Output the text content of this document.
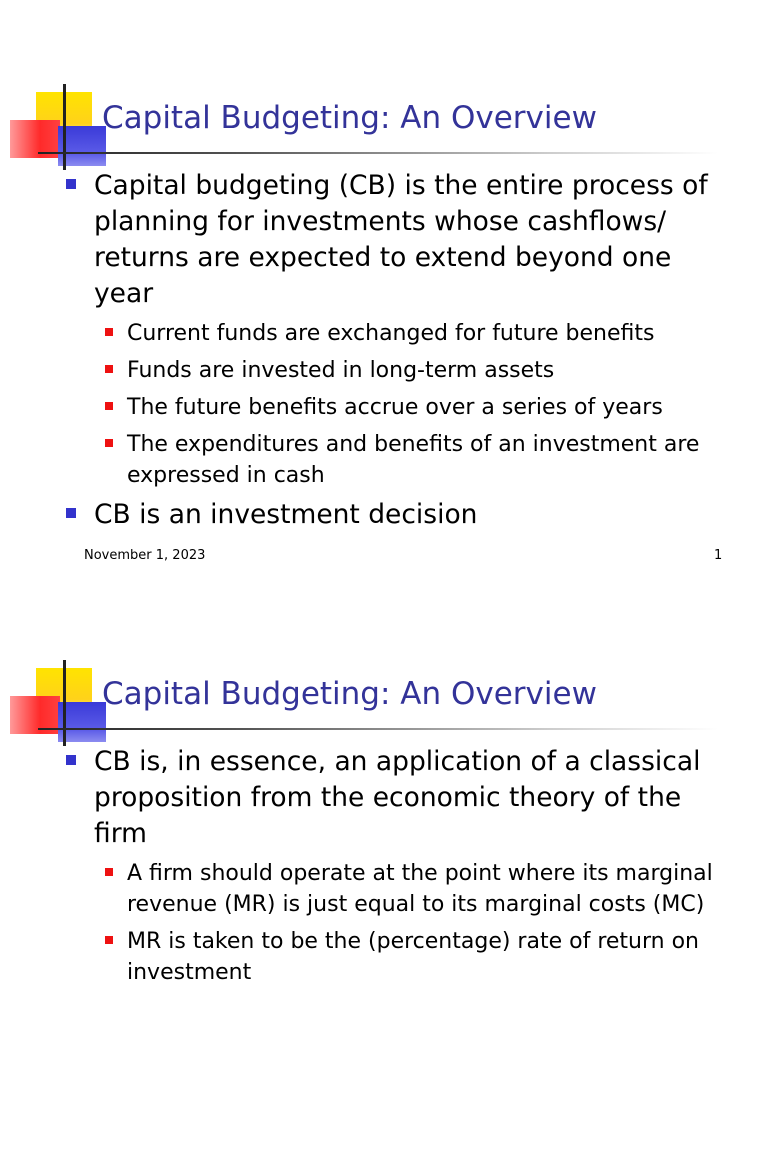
Capital Budgeting: An Overview
Capital budgeting (CB) is the entire process of planning for investments whose cashflows/ returns are expected to extend beyond one year
Current funds are exchanged for future benefits
Funds are invested in long-term assets
The future benefits accrue over a series of years
The expenditures and benefits of an investment are expressed in cash
CB is an investment decision
November 1, 2023	1
Capital Budgeting: An Overview
CB is, in essence, an application of a classical proposition from the economic theory of the firm
A firm should operate at the point where its marginal revenue (MR) is just equal to its marginal costs (MC)
MR is taken to be the (percentage) rate of return on investment
